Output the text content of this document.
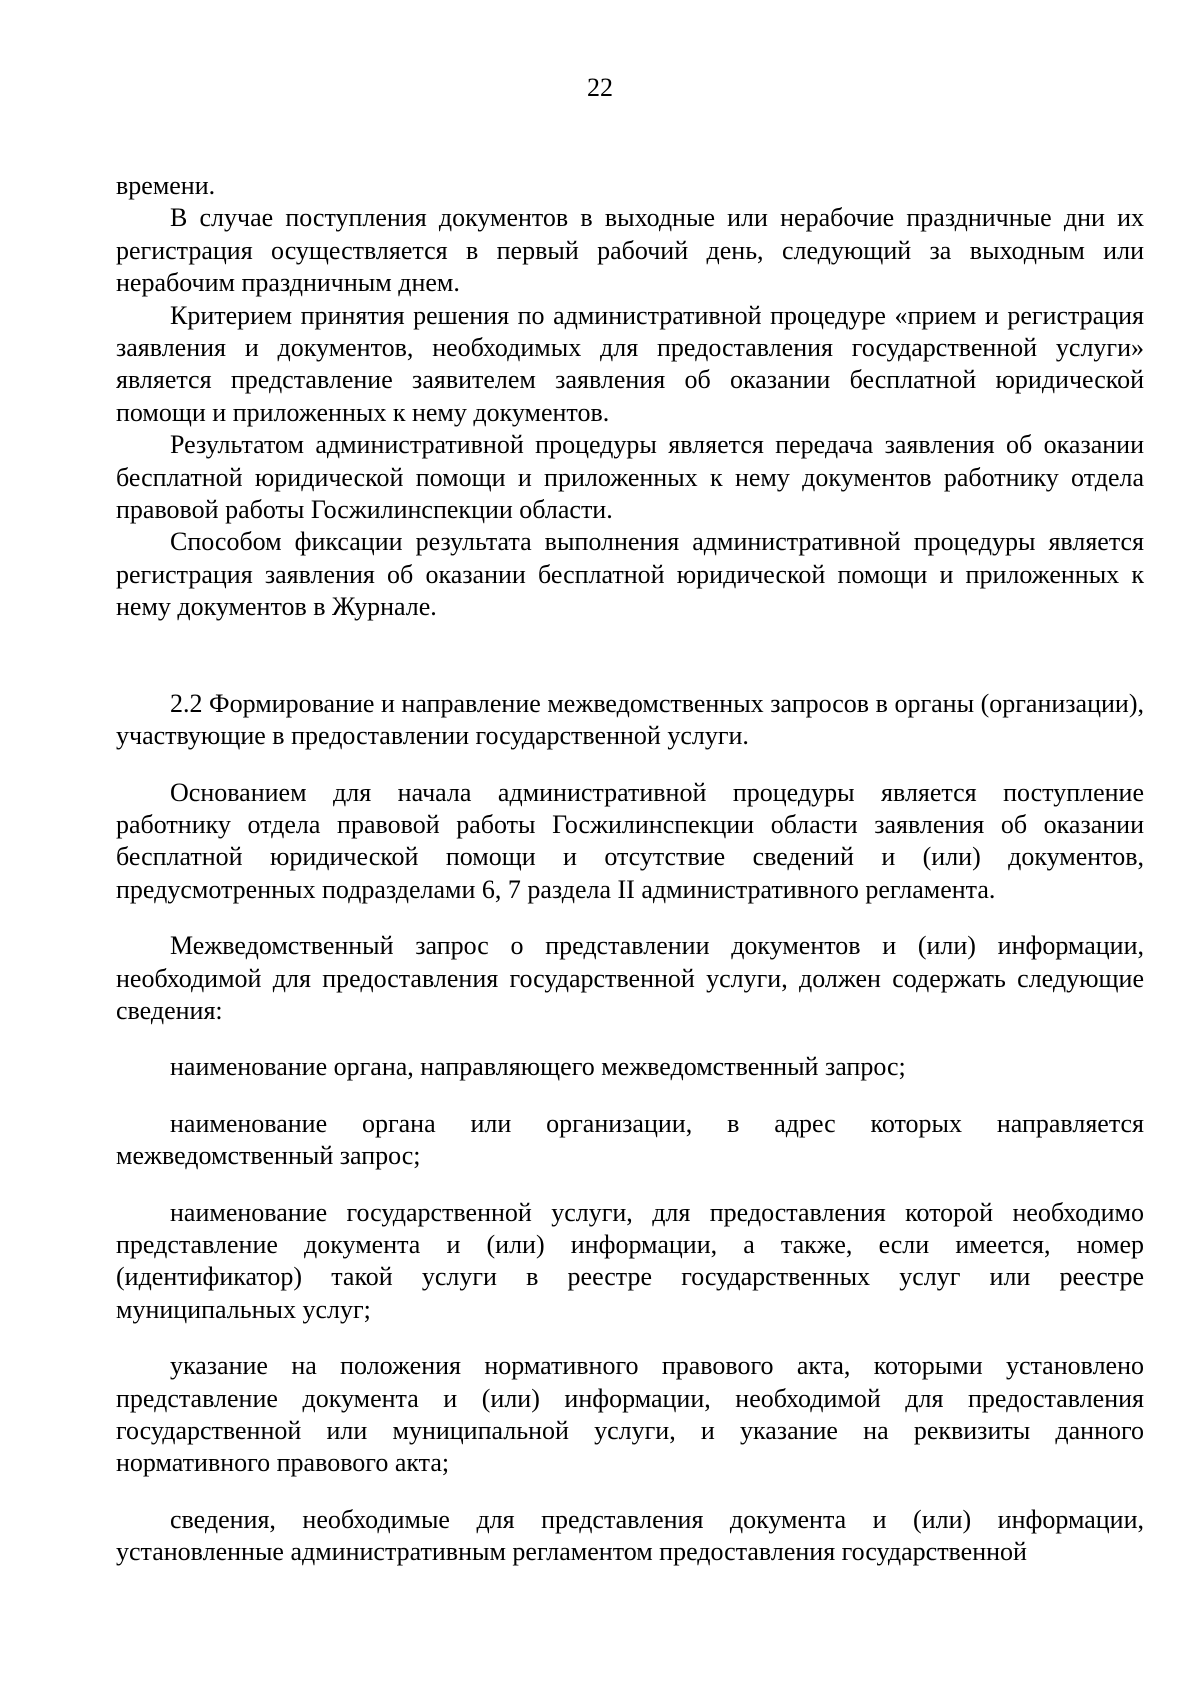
22

времени.

В случае поступления документов в выходные или нерабочие праздничные дни их регистрация осуществляется в первый рабочий день, следующий за выходным или нерабочим праздничным днем.

Критерием принятия решения по административной процедуре «прием и регистрация заявления и документов, необходимых для предоставления государственной услуги» является представление заявителем заявления об оказании бесплатной юридической помощи и приложенных к нему документов.

Результатом административной процедуры является передача заявления об оказании бесплатной юридической помощи и приложенных к нему документов работнику отдела правовой работы Госжилинспекции области.

Способом фиксации результата выполнения административной процедуры является регистрация заявления об оказании бесплатной юридической помощи и приложенных к нему документов в Журнале.

2.2 Формирование и направление межведомственных запросов в органы (организации), участвующие в предоставлении государственной услуги.

Основанием для начала административной процедуры является поступление работнику отдела правовой работы Госжилинспекции области заявления об оказании бесплатной юридической помощи и отсутствие сведений и (или) документов, предусмотренных подразделами 6, 7 раздела II административного регламента.

Межведомственный запрос о представлении документов и (или) информации, необходимой для предоставления государственной услуги, должен содержать следующие сведения:

наименование органа, направляющего межведомственный запрос;

наименование органа или организации, в адрес которых направляется межведомственный запрос;

наименование государственной услуги, для предоставления которой необходимо представление документа и (или) информации, а также, если имеется, номер (идентификатор) такой услуги в реестре государственных услуг или реестре муниципальных услуг;

указание на положения нормативного правового акта, которыми установлено представление документа и (или) информации, необходимой для предоставления государственной или муниципальной услуги, и указание на реквизиты данного нормативного правового акта;

сведения, необходимые для представления документа и (или) информации, установленные административным регламентом предоставления государственной
